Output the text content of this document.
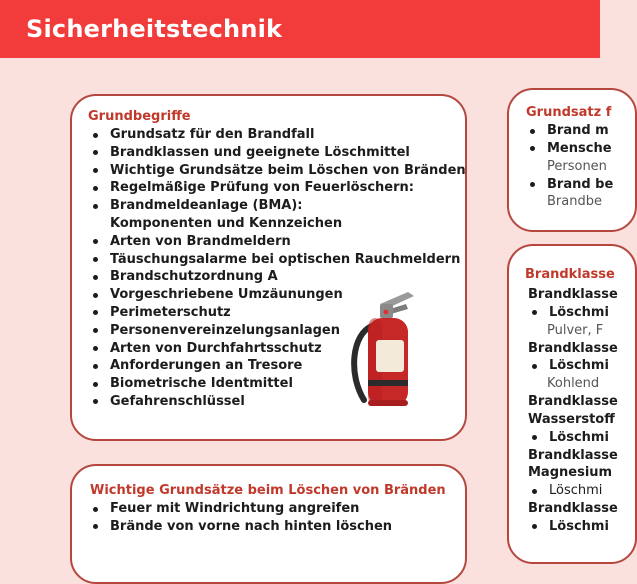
Sicherheitstechnik
Grundbegriffe
Grundsatz für den Brandfall
Brandklassen und geeignete Löschmittel
Wichtige Grundsätze beim Löschen von Bränden
Regelmäßige Prüfung von Feuerlöschern:
Brandmeldeanlage (BMA): Komponenten und Kennzeichen
Arten von Brandmeldern
Täuschungsalarme bei optischen Rauchmeldern
Brandschutzordnung A
Vorgeschriebene Umzäunungen
Perimeterschutz
Personenvereinzelungsanlagen
Arten von Durchfahrtsschutz
Anforderungen an Tresore
Biometrische Identmittel
Gefahrenschlüssel
Grundsatz f
Brand m
Mensche
Personen
Brand be
Brandbe
Brandklasse
Brandklasse
Löschmi
Pulver, F
Brandklasse
Löschmi
Kohlend
Brandklasse
Wasserstoff
Löschmi
Brandklasse
Magnesium
Löschmi
Brandklasse
Löschmi
Wichtige Grundsätze beim Löschen von Bränden
Feuer mit Windrichtung angreifen
Brände von vorne nach hinten löschen
